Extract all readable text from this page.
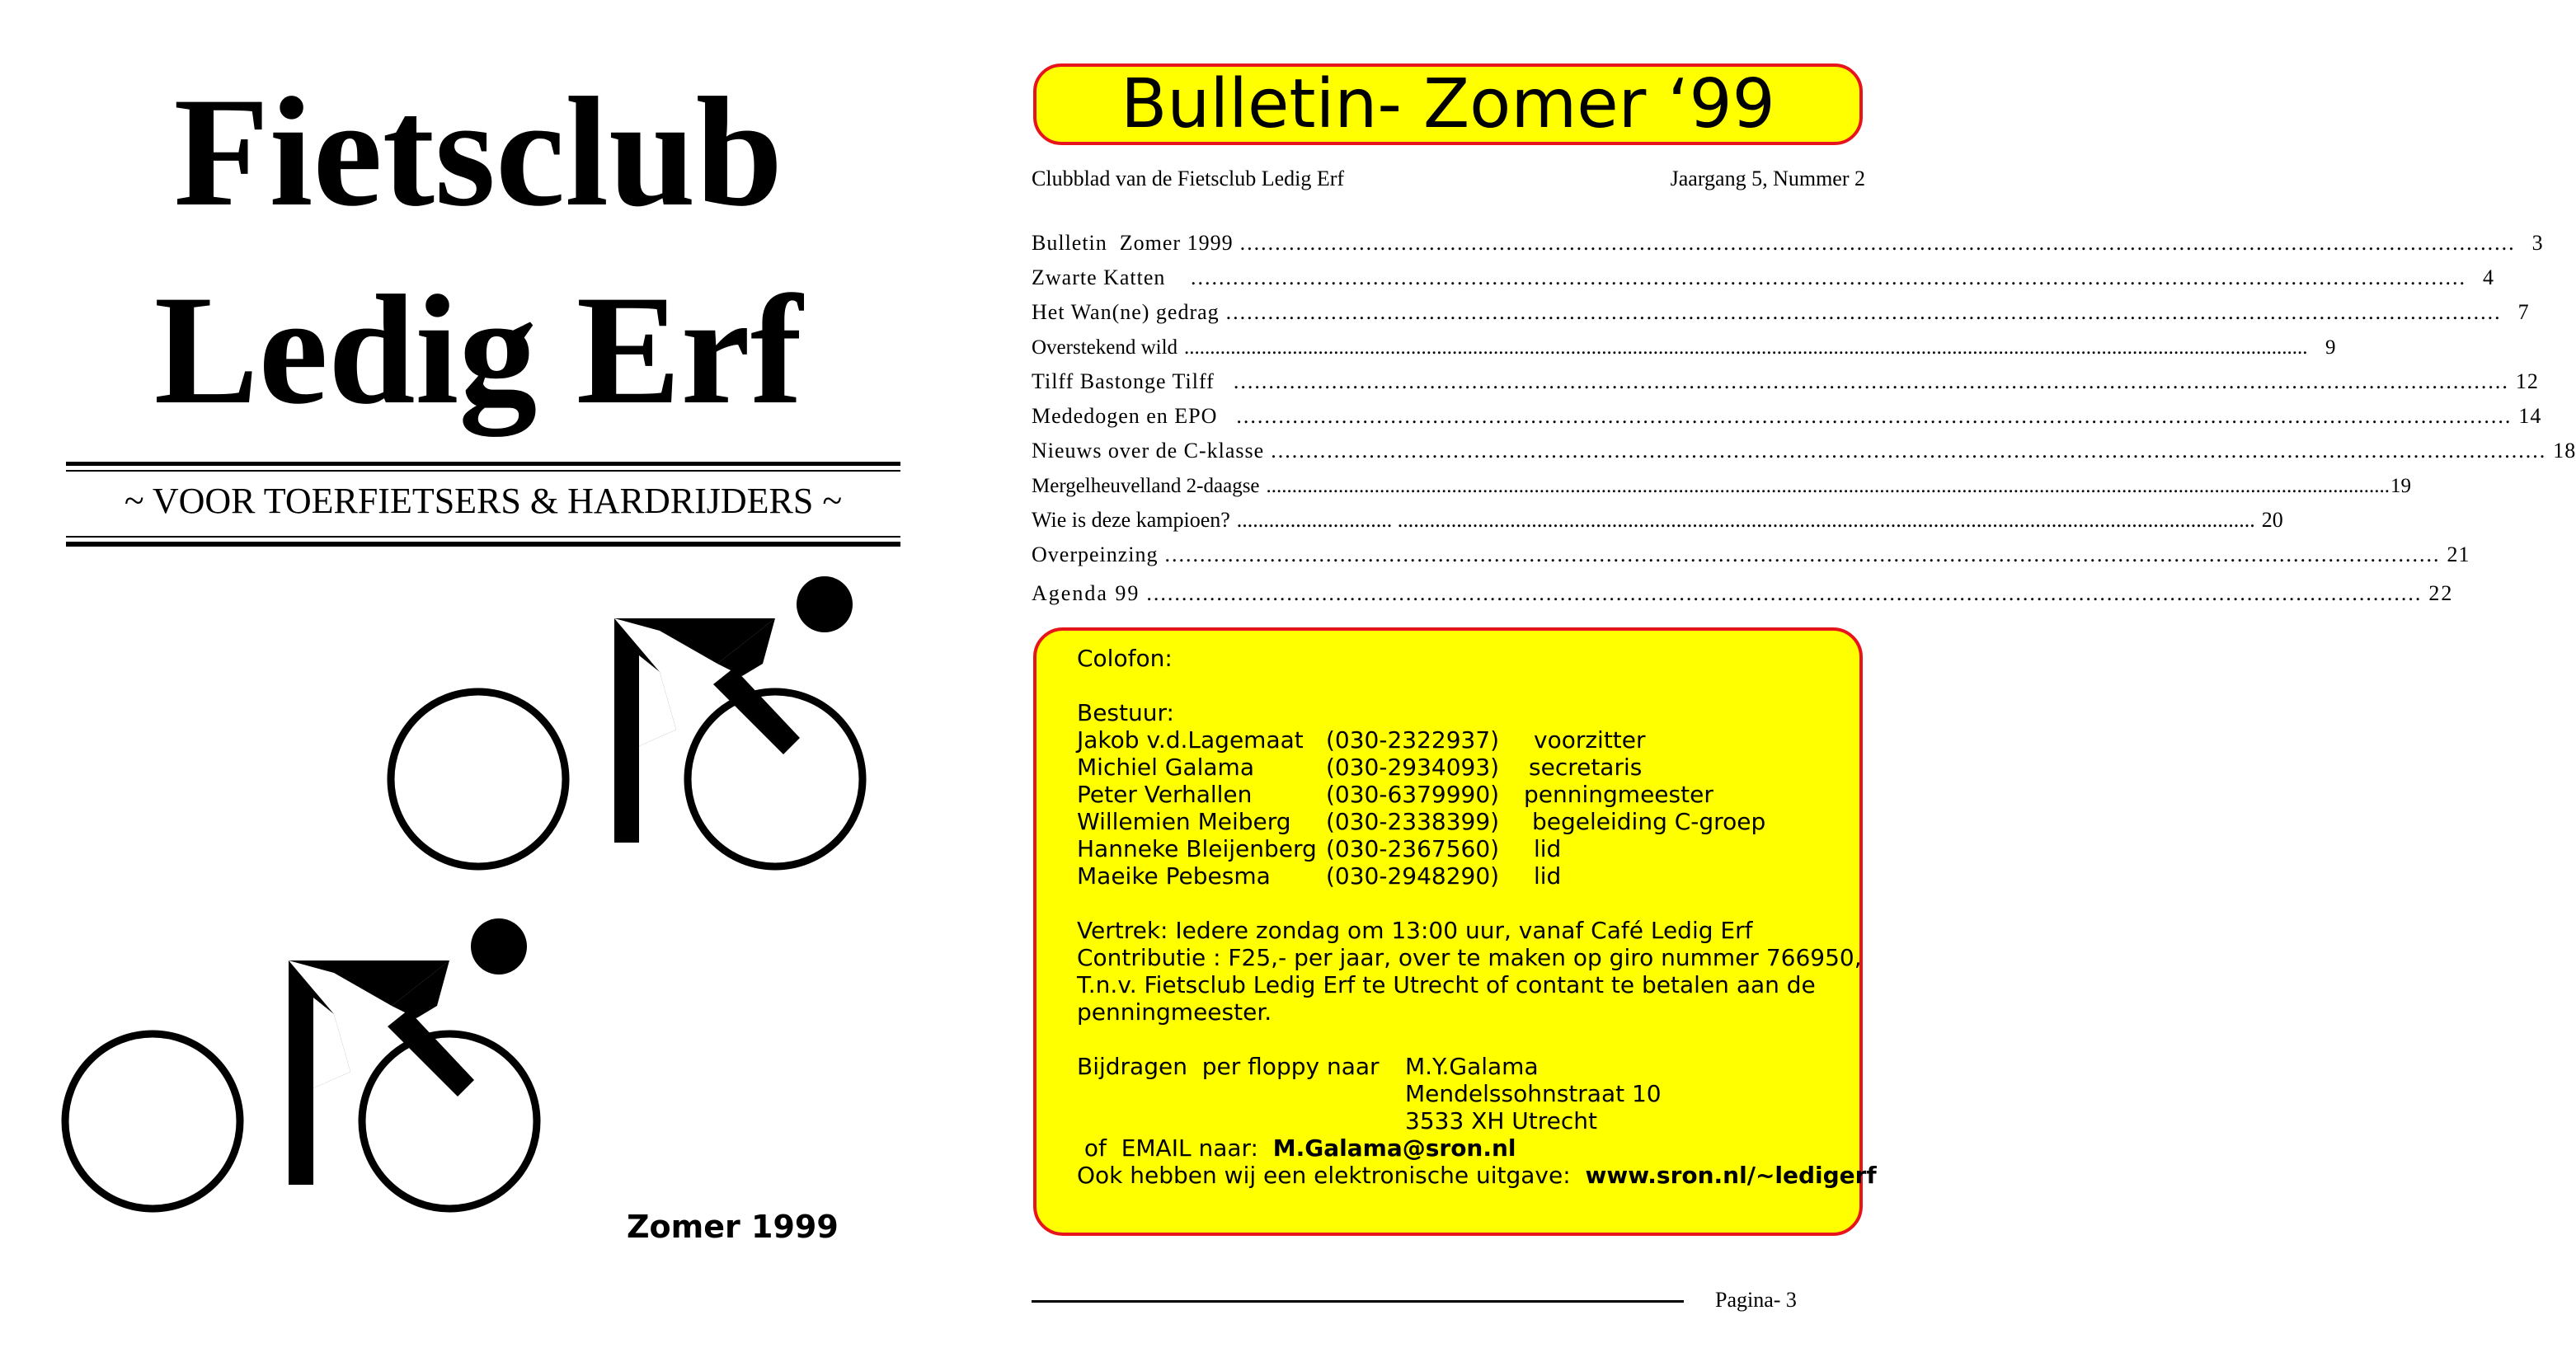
Fietsclub
Ledig Erf
~ VOOR TOERFIETSERS & HARDRIJDERS ~
Zomer 1999
Bulletin- Zomer ‘99
Clubblad van de Fietsclub Ledig Erf	Jaargang 5, Nummer 2
Bulletin  Zomer 1999 ...................................................................................................................................................................................... 3
Zwarte Katten ...................................................................................................................................................................................... 4
Het Wan(ne) gedrag ...................................................................................................................................................................................... 7
Overstekend wild .......................................................................................................................................................................................................................... 9
Tilff Bastonge Tilff ...................................................................................................................................................................................... 12
Mededogen en EPO ...................................................................................................................................................................................... 14
Nieuws over de C-klasse ...................................................................................................................................................................................... 18
Mergelheuvelland 2-daagse .......................................................................................................................................................................................................................... 19
Wie is deze kampioen? ............................. ................................................................................................................................................................ 20
Overpeinzing ...................................................................................................................................................................................... 21
Agenda 99 ...................................................................................................................................................................................... 22
Colofon:
Bestuur:
Jakob v.d.Lagemaat (030-2322937) voorzitter
Michiel Galama	(030-2934093) secretaris
Peter Verhallen	(030-6379990) penningmeester
Willemien Meiberg (030-2338399) begeleiding C-groep
Hanneke Bleijenberg (030-2367560) lid
Maeike Pebesma (030-2948290) lid
Vertrek: Iedere zondag om 13:00 uur, vanaf Café Ledig Erf
Contributie : F25,- per jaar, over te maken op giro nummer 766950,
T.n.v. Fietsclub Ledig Erf te Utrecht of contant te betalen aan de
penningmeester.
Bijdragen  per floppy naar M.Y.Galama
Mendelssohnstraat 10
3533 XH Utrecht
of  EMAIL naar: M.Galama@sron.nl
Ook hebben wij een elektronische uitgave: www.sron.nl/~ledigerf
Pagina- 3
